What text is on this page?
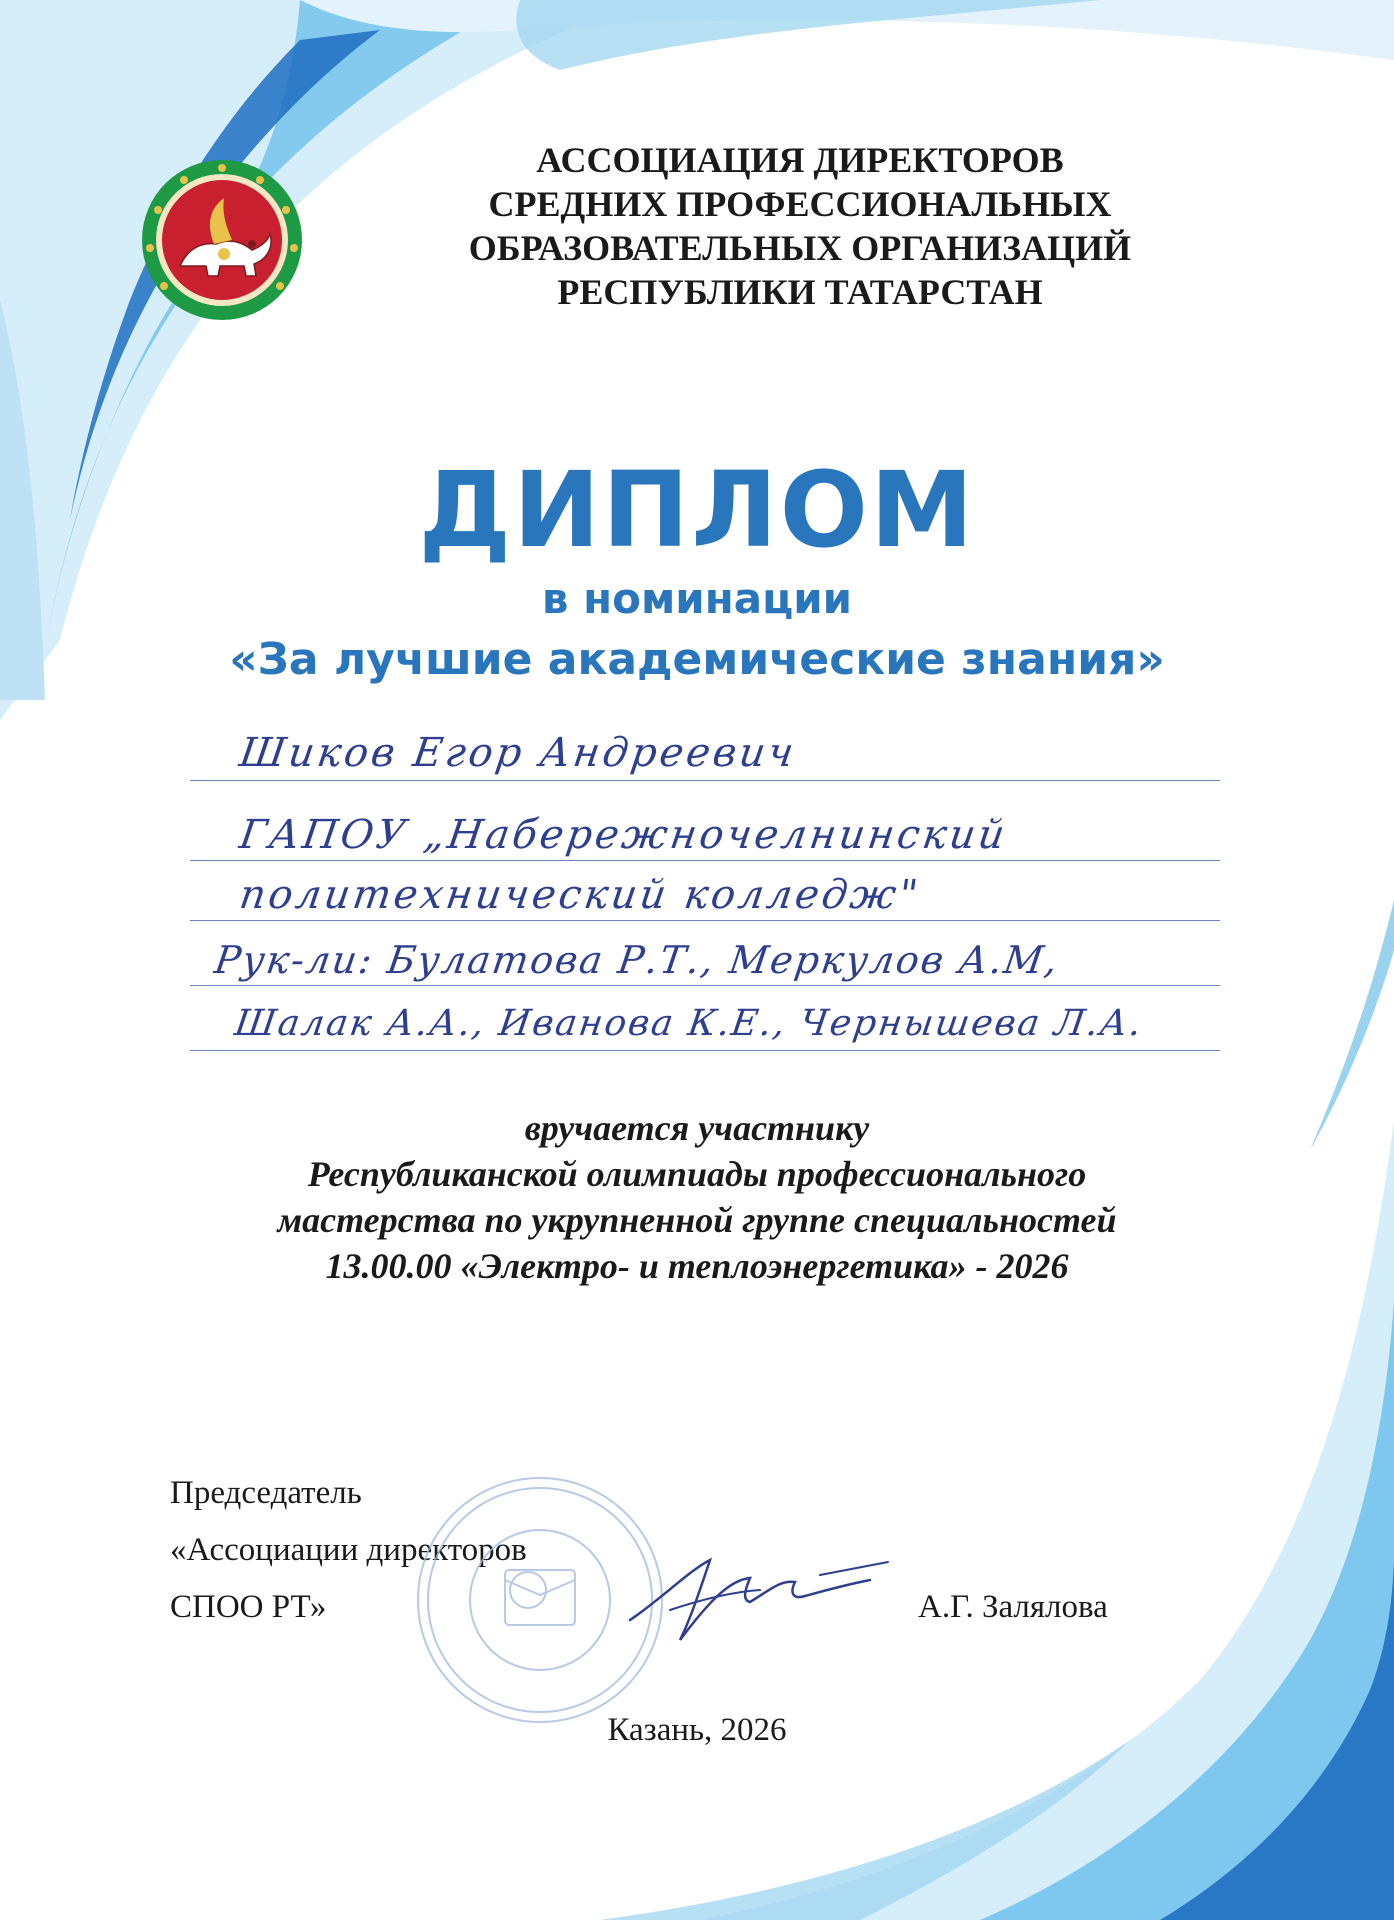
АССОЦИАЦИЯ ДИРЕКТОРОВ
СРЕДНИХ ПРОФЕССИОНАЛЬНЫХ
ОБРАЗОВАТЕЛЬНЫХ ОРГАНИЗАЦИЙ
РЕСПУБЛИКИ ТАТАРСТАН
ДИПЛОМ
в номинации
«За лучшие академические знания»
Шиков Егор Андреевич
ГАПОУ „Набережночелнинский
политехнический колледж"
Рук-ли: Булатова Р.Т., Меркулов А.М,
Шалак А.А., Иванова К.Е., Чернышева Л.А.
вручается участнику
Республиканской олимпиады профессионального
мастерства по укрупненной группе специальностей
13.00.00 «Электро- и теплоэнергетика» - 2026
Председатель
«Ассоциации директоров
СПОО РТ»	А.Г. Залялова
Казань, 2026
